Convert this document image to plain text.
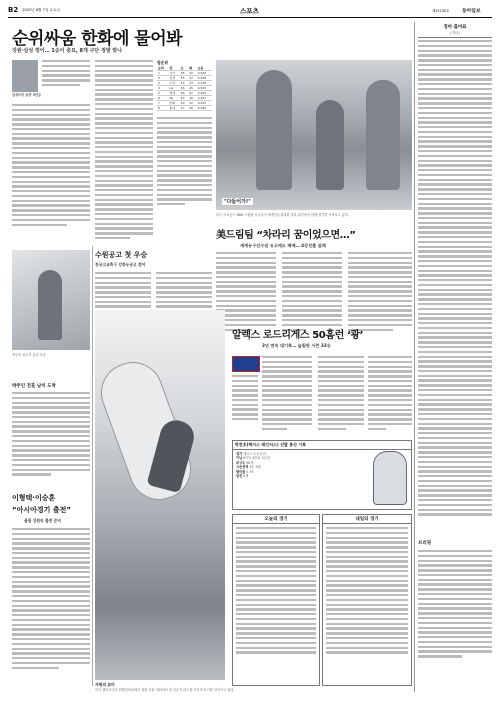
B2 2002년 8월 7일 수요일	스포츠	제25230호	동아일보
순위싸움 한화에 물어봐
강원·삼성 꺾어… 1승이 중요, 8개 구단 정말 맞나
삼성타자 동양 5연승
팀순위
순위	팀	승	패	승률
1	기아	58	32	0.644
2	삼성	55	37	0.598
3	두산	50	43	0.538
4	LG	46	45	0.505
5	현대	46	47	0.495
6	SK	43	49	0.467
7	한화	40	52	0.435
8	롯데	27	66	0.290
"다들어가!"
미국 프로농구 NBA 드림팀 선수들이 세계선수권대회 대비 훈련에서 함께 경기를 지켜보고 있다.
美드림팀 “차라리 꿈이었으면…”
세계농구선수권 유고에도 패배… 4강진출 실패
수원공고 첫 우승
전국고교축구 강릉농공고 꺾어
박주인 선수의 훈련 모습
박주인 전훈 남미 도착
이형택·이승훈
“아시아경기 출전”
올림 성원속 출전 준비
서핑의 묘미
미국 캘리포니아 헌팅턴비치에서 열린 서핑 대회에서 한 선수가 파도를 가르며 묘기를 선보이고 있다.
알렉스 로드리게스 50홈런 ‘쾅’
2년 연속 대기록… 늘림판 시즌 33승
박찬호(텍사스 레인저스) 선발 통산 기록
경기 텍사스 5-3 승리
이닝 6이닝 4안타 3실점
투구수 98개
시즌성적 5승 5패
방어율 5.79
삼진 6개
오늘의 경기	내일의 경기
경마 출마표
[경마]
브리핑
